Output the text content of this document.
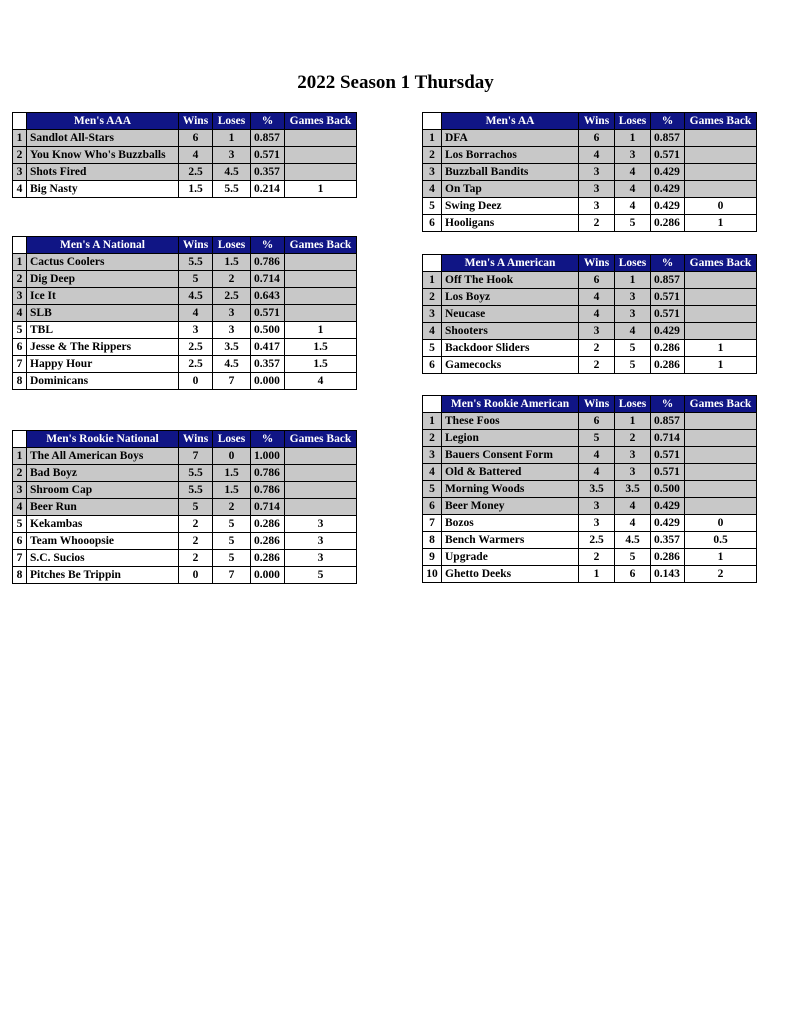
2022 Season 1 Thursday
	Men's AAA	Wins	Loses	%	Games Back
1	Sandlot All-Stars	6	1	0.857	
2	You Know Who's Buzzballs	4	3	0.571	
3	Shots Fired	2.5	4.5	0.357	
4	Big Nasty	1.5	5.5	0.214	1
	Men's A National	Wins	Loses	%	Games Back
1	Cactus Coolers	5.5	1.5	0.786	
2	Dig Deep	5	2	0.714	
3	Ice It	4.5	2.5	0.643	
4	SLB	4	3	0.571	
5	TBL	3	3	0.500	1
6	Jesse & The Rippers	2.5	3.5	0.417	1.5
7	Happy Hour	2.5	4.5	0.357	1.5
8	Dominicans	0	7	0.000	4
	Men's Rookie National	Wins	Loses	%	Games Back
1	The All American Boys	7	0	1.000	
2	Bad Boyz	5.5	1.5	0.786	
3	Shroom Cap	5.5	1.5	0.786	
4	Beer Run	5	2	0.714	
5	Kekambas	2	5	0.286	3
6	Team Whooopsie	2	5	0.286	3
7	S.C. Sucios	2	5	0.286	3
8	Pitches Be Trippin	0	7	0.000	5
	Men's AA	Wins	Loses	%	Games Back
1	DFA	6	1	0.857	
2	Los Borrachos	4	3	0.571	
3	Buzzball Bandits	3	4	0.429	
4	On Tap	3	4	0.429	
5	Swing Deez	3	4	0.429	0
6	Hooligans	2	5	0.286	1
	Men's A American	Wins	Loses	%	Games Back
1	Off The Hook	6	1	0.857	
2	Los Boyz	4	3	0.571	
3	Neucase	4	3	0.571	
4	Shooters	3	4	0.429	
5	Backdoor Sliders	2	5	0.286	1
6	Gamecocks	2	5	0.286	1
	Men's Rookie American	Wins	Loses	%	Games Back
1	These Foos	6	1	0.857	
2	Legion	5	2	0.714	
3	Bauers Consent Form	4	3	0.571	
4	Old & Battered	4	3	0.571	
5	Morning Woods	3.5	3.5	0.500	
6	Beer Money	3	4	0.429	
7	Bozos	3	4	0.429	0
8	Bench Warmers	2.5	4.5	0.357	0.5
9	Upgrade	2	5	0.286	1
10	Ghetto Deeks	1	6	0.143	2
